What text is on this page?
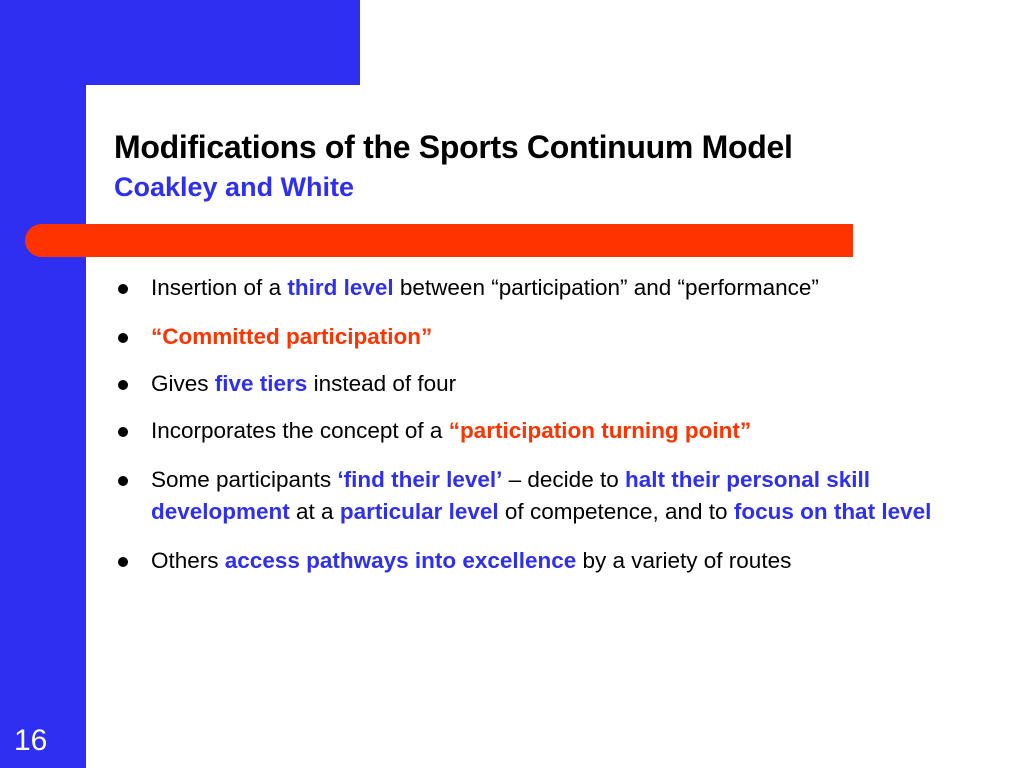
Modifications of the Sports Continuum Model
Coakley and White
Insertion of a third level between “participation” and “performance”
“Committed participation”
Gives five tiers instead of four
Incorporates the concept of a “participation turning point”
Some participants ‘find their level’ – decide to halt their personal skill development at a particular level of competence, and to focus on that level
Others access pathways into excellence by a variety of routes
16
